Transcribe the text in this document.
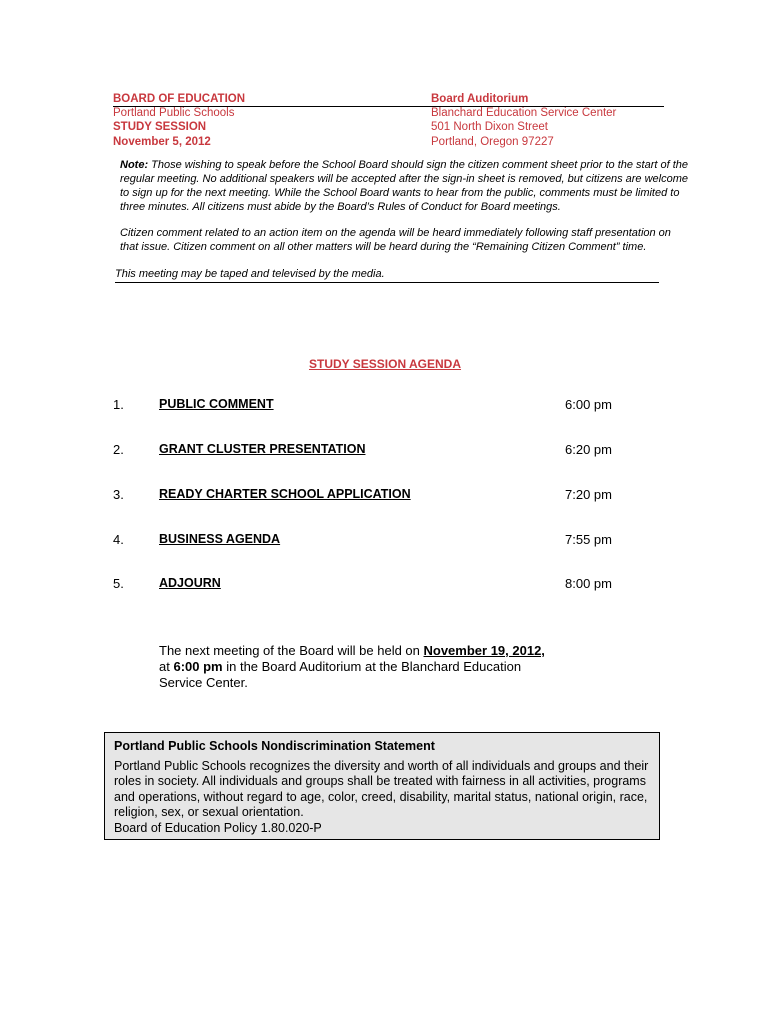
BOARD OF EDUCATION
Portland Public Schools
STUDY SESSION
November 5, 2012
Board Auditorium
Blanchard Education Service Center
501 North Dixon Street
Portland, Oregon 97227
Note: Those wishing to speak before the School Board should sign the citizen comment sheet prior to the start of the regular meeting. No additional speakers will be accepted after the sign-in sheet is removed, but citizens are welcome to sign up for the next meeting. While the School Board wants to hear from the public, comments must be limited to three minutes. All citizens must abide by the Board’s Rules of Conduct for Board meetings.
Citizen comment related to an action item on the agenda will be heard immediately following staff presentation on that issue. Citizen comment on all other matters will be heard during the “Remaining Citizen Comment” time.
This meeting may be taped and televised by the media.
STUDY SESSION AGENDA
1.	PUBLIC COMMENT	6:00 pm
2.	GRANT CLUSTER PRESENTATION	6:20 pm
3.	READY CHARTER SCHOOL APPLICATION	7:20 pm
4.	BUSINESS AGENDA	7:55 pm
5.	ADJOURN	8:00 pm
The next meeting of the Board will be held on November 19, 2012, at 6:00 pm in the Board Auditorium at the Blanchard Education Service Center.
Portland Public Schools Nondiscrimination Statement
Portland Public Schools recognizes the diversity and worth of all individuals and groups and their roles in society. All individuals and groups shall be treated with fairness in all activities, programs and operations, without regard to age, color, creed, disability, marital status, national origin, race, religion, sex, or sexual orientation.
Board of Education Policy 1.80.020-P
